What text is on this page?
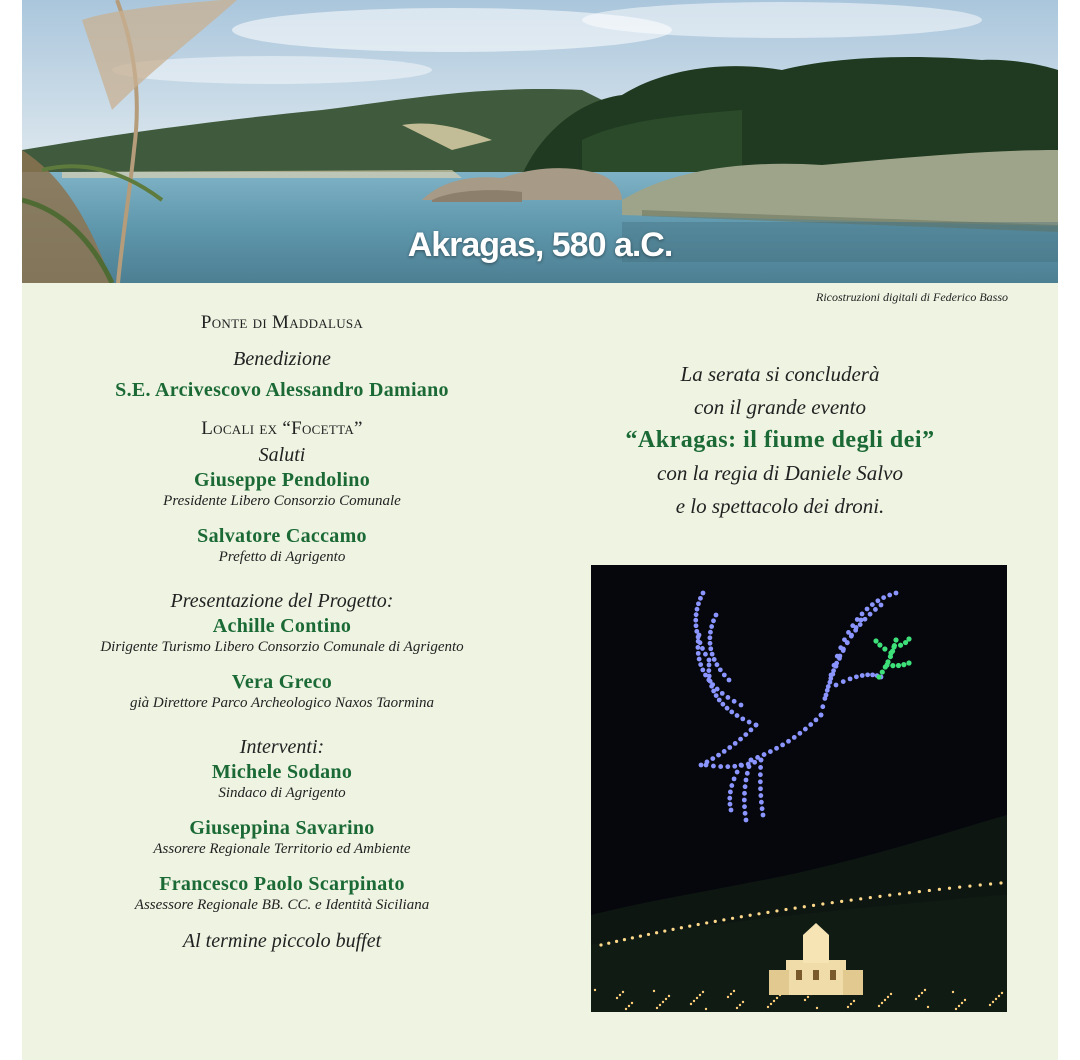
Akragas, 580 a.C.
Ricostruzioni digitali di Federico Basso
Ponte di Maddalusa
Benedizione
S.E. Arcivescovo Alessandro Damiano
Locali ex “Focetta”
Saluti
Giuseppe Pendolino
Presidente Libero Consorzio Comunale
Salvatore Caccamo
Prefetto di Agrigento
Presentazione del Progetto:
Achille Contino
Dirigente Turismo Libero Consorzio Comunale di Agrigento
Vera Greco
già Direttore Parco Archeologico Naxos Taormina
Interventi:
Michele Sodano
Sindaco di Agrigento
Giuseppina Savarino
Assorere Regionale Territorio ed Ambiente
Francesco Paolo Scarpinato
Assessore Regionale BB. CC. e Identità Siciliana
Al termine piccolo buffet
La serata si concluderà
con il grande evento
“Akragas: il fiume degli dei”
con la regia di Daniele Salvo
e lo spettacolo dei droni.
